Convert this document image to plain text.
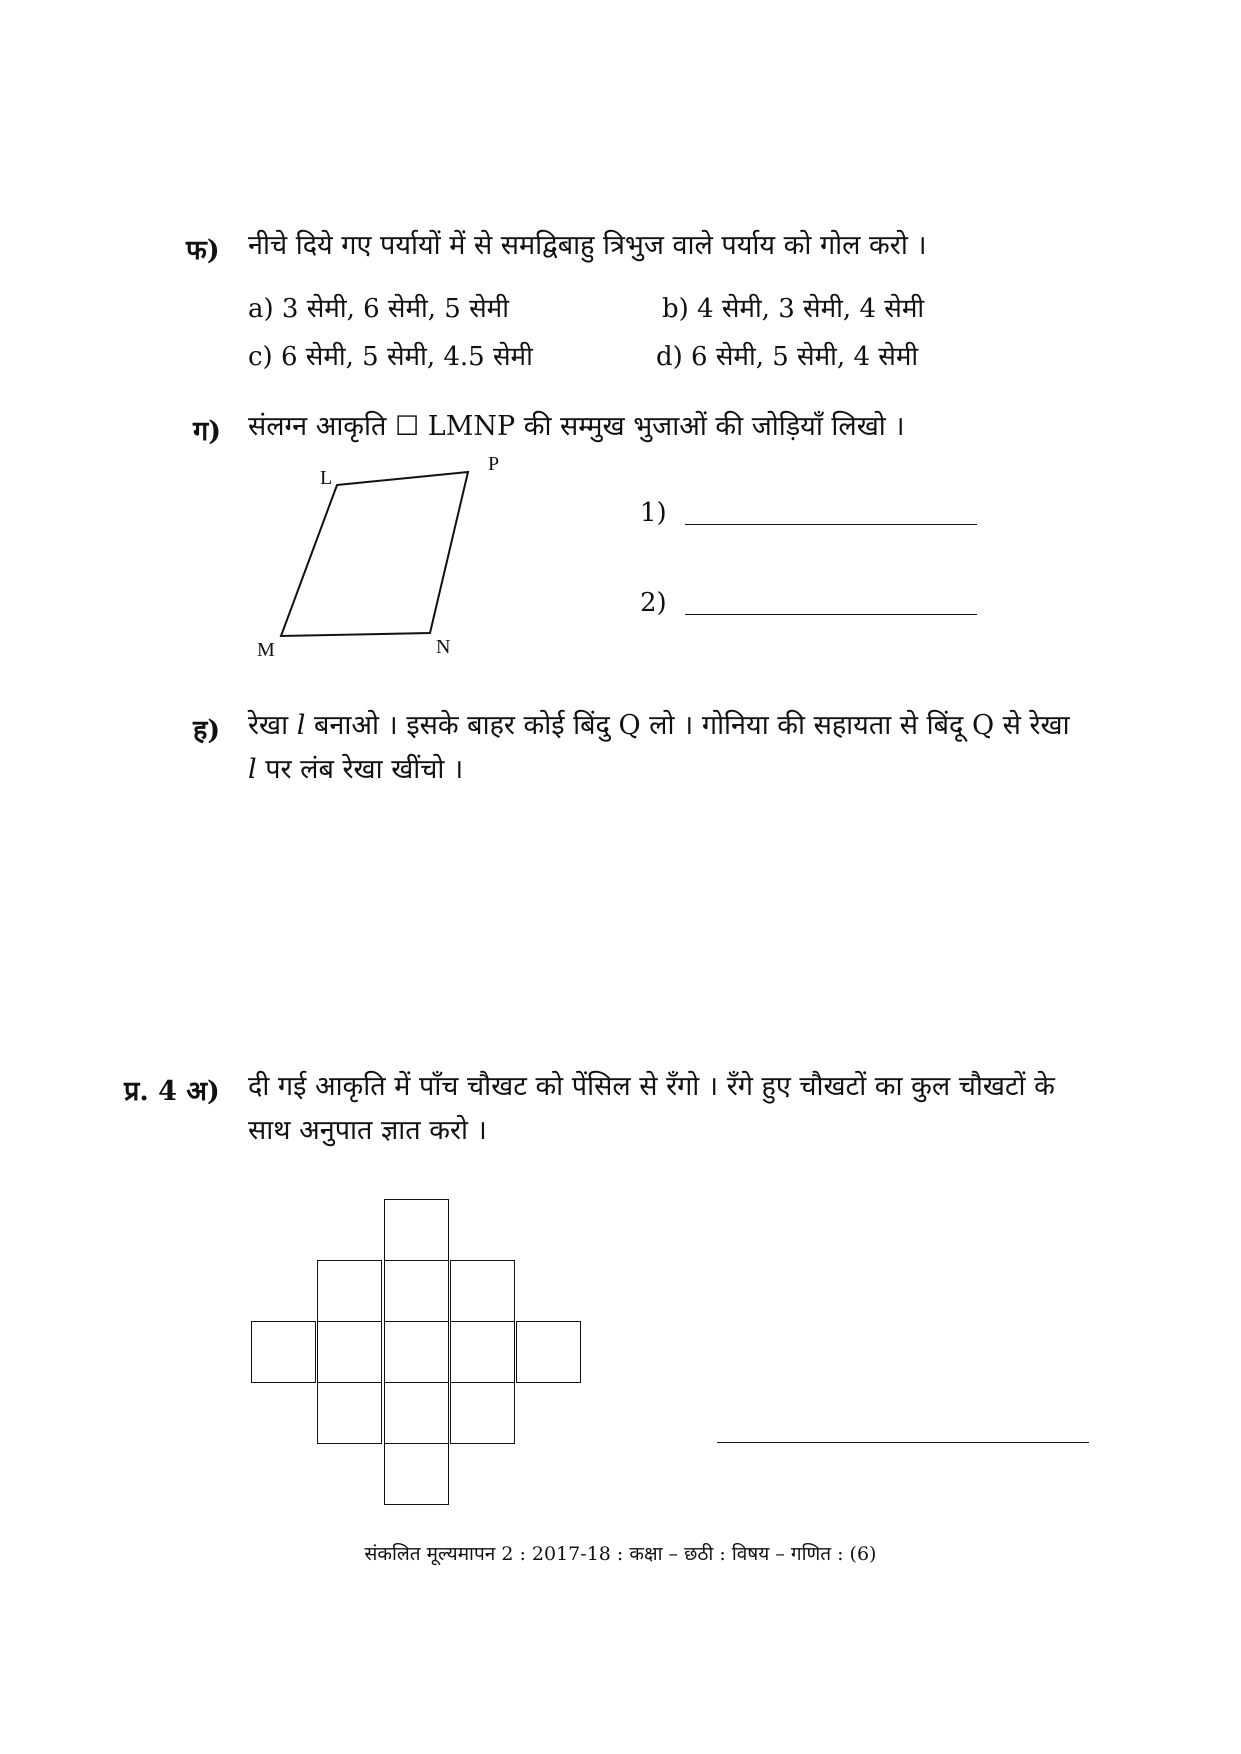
फ) नीचे दिये गए पर्यायों में से समद्विबाहु त्रिभुज वाले पर्याय को गोल करो ।
a) 3 सेमी, 6 सेमी, 5 सेमी	b) 4 सेमी, 3 सेमी, 4 सेमी
c) 6 सेमी, 5 सेमी, 4.5 सेमी	d) 6 सेमी, 5 सेमी, 4 सेमी
ग) संलग्न आकृति ☐ LMNP की सम्मुख भुजाओं की जोड़ियाँ लिखो ।
L
P
M	N
1)
2)
ह) रेखा l बनाओ । इसके बाहर कोई बिंदु Q लो । गोनिया की सहायता से बिंदू Q से रेखा
l पर लंब रेखा खींचो ।
प्र. 4 अ) दी गई आकृति में पाँच चौखट को पेंसिल से रँगो । रँगे हुए चौखटों का कुल चौखटों के
साथ अनुपात ज्ञात करो ।
संकलित मूल्यमापन 2 : 2017-18 : कक्षा – छठी : विषय – गणित : (6)
